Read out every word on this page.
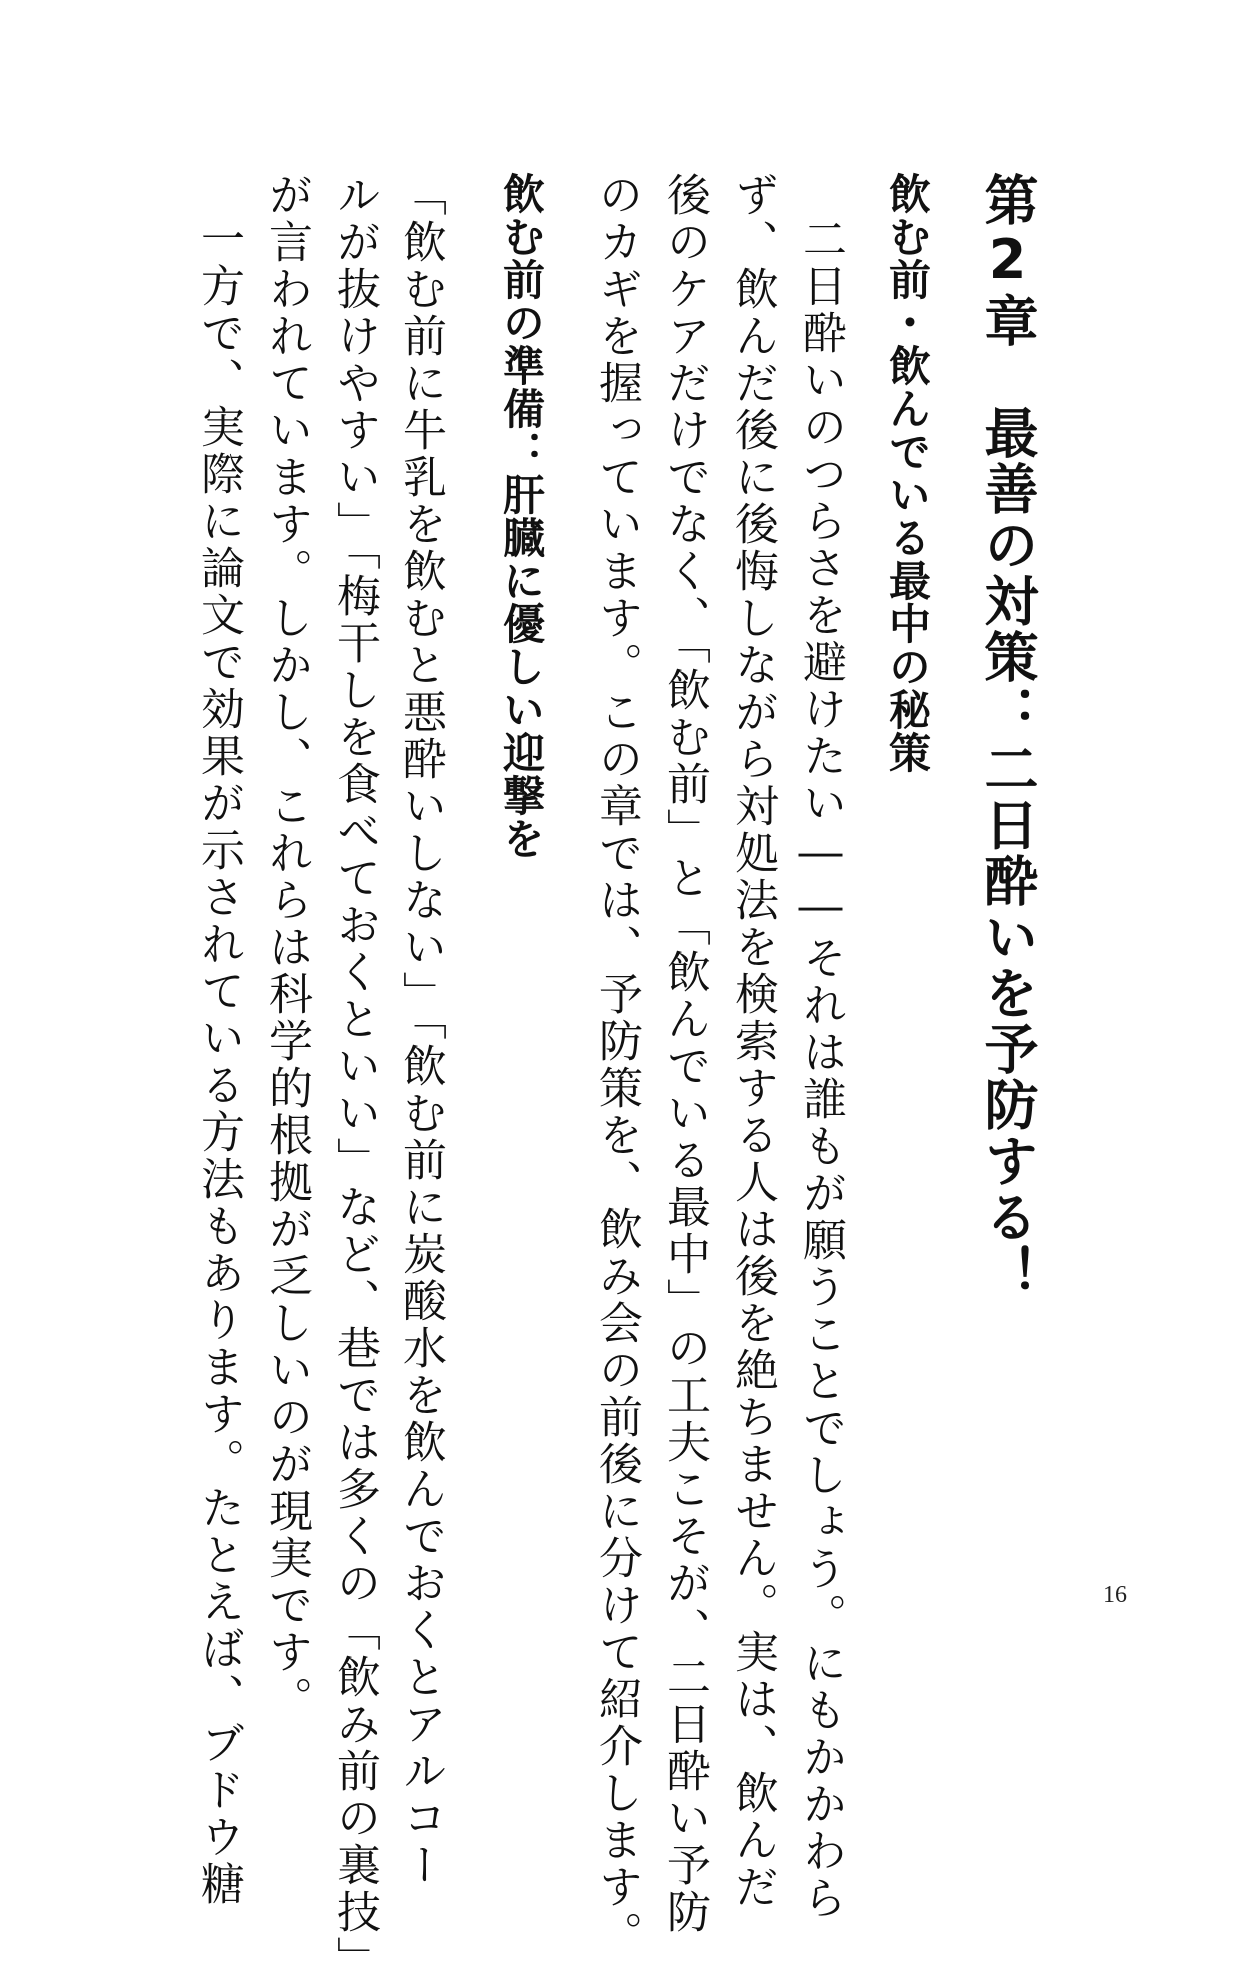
第2章　最善の対策：二日酔いを予防する！
飲む前・飲んでいる最中の秘策
二日酔いのつらさを避けたい――それは誰もが願うことでしょう。にもかかわら
ず、飲んだ後に後悔しながら対処法を検索する人は後を絶ちません。実は、飲んだ
後のケアだけでなく、「飲む前」と「飲んでいる最中」の工夫こそが、二日酔い予防
のカギを握っています。この章では、予防策を、飲み会の前後に分けて紹介します。
飲む前の準備：肝臓に優しい迎撃を
「飲む前に牛乳を飲むと悪酔いしない」「飲む前に炭酸水を飲んでおくとアルコー
ルが抜けやすい」「梅干しを食べておくといい」など、巷では多くの「飲み前の裏技」
が言われています。しかし、これらは科学的根拠が乏しいのが現実です。
一方で、実際に論文で効果が示されている方法もあります。たとえば、ブドウ糖	16
